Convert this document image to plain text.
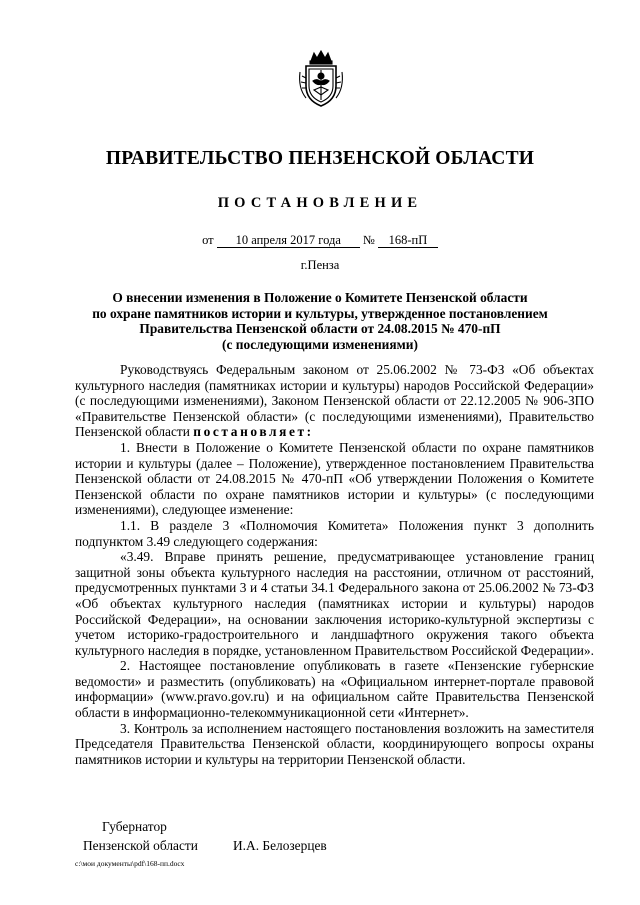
ПРАВИТЕЛЬСТВО ПЕНЗЕНСКОЙ ОБЛАСТИ
ПОСТАНОВЛЕНИЕ
от 10 апреля 2017 года № 168-пП
г.Пенза
О внесении изменения в Положение о Комитете Пензенской области
по охране памятников истории и культуры, утвержденное постановлением
Правительства Пензенской области от 24.08.2015 № 470-пП
(с последующими изменениями)

Руководствуясь Федеральным законом от 25.06.2002 № 73-ФЗ «Об объектах культурного наследия (памятниках истории и культуры) народов Российской Федерации» (с последующими изменениями), Законом Пензенской области от 22.12.2005 № 906-ЗПО «Правительстве Пензенской области» (с последующими изменениями), Правительство Пензенской области постановляет:

1. Внести в Положение о Комитете Пензенской области по охране памятников истории и культуры (далее – Положение), утвержденное постановлением Правительства Пензенской области от 24.08.2015 № 470-пП «Об утверждении Положения о Комитете Пензенской области по охране памятников истории и культуры» (с последующими изменениями), следующее изменение:

1.1. В разделе 3 «Полномочия Комитета» Положения пункт 3 дополнить подпунктом 3.49 следующего содержания:

«3.49. Вправе принять решение, предусматривающее установление границ защитной зоны объекта культурного наследия на расстоянии, отличном от расстояний, предусмотренных пунктами 3 и 4 статьи 34.1 Федерального закона от 25.06.2002 № 73-ФЗ «Об объектах культурного наследия (памятниках истории и культуры) народов Российской Федерации», на основании заключения историко-культурной экспертизы с учетом историко-градостроительного и ландшафтного окружения такого объекта культурного наследия в порядке, установленном Правительством Российской Федерации».

2. Настоящее постановление опубликовать в газете «Пензенские губернские ведомости» и разместить (опубликовать) на «Официальном интернет-портале правовой информации» (www.pravo.gov.ru) и на официальном сайте Правительства Пензенской области в информационно-телекоммуникационной сети «Интернет».

3. Контроль за исполнением настоящего постановления возложить на заместителя Председателя Правительства Пензенской области, координирующего вопросы охраны памятников истории и культуры на территории Пензенской области.

Губернатор
Пензенской области	И.А. Белозерцев
c:\мои документы\pdf\168-пп.docx
